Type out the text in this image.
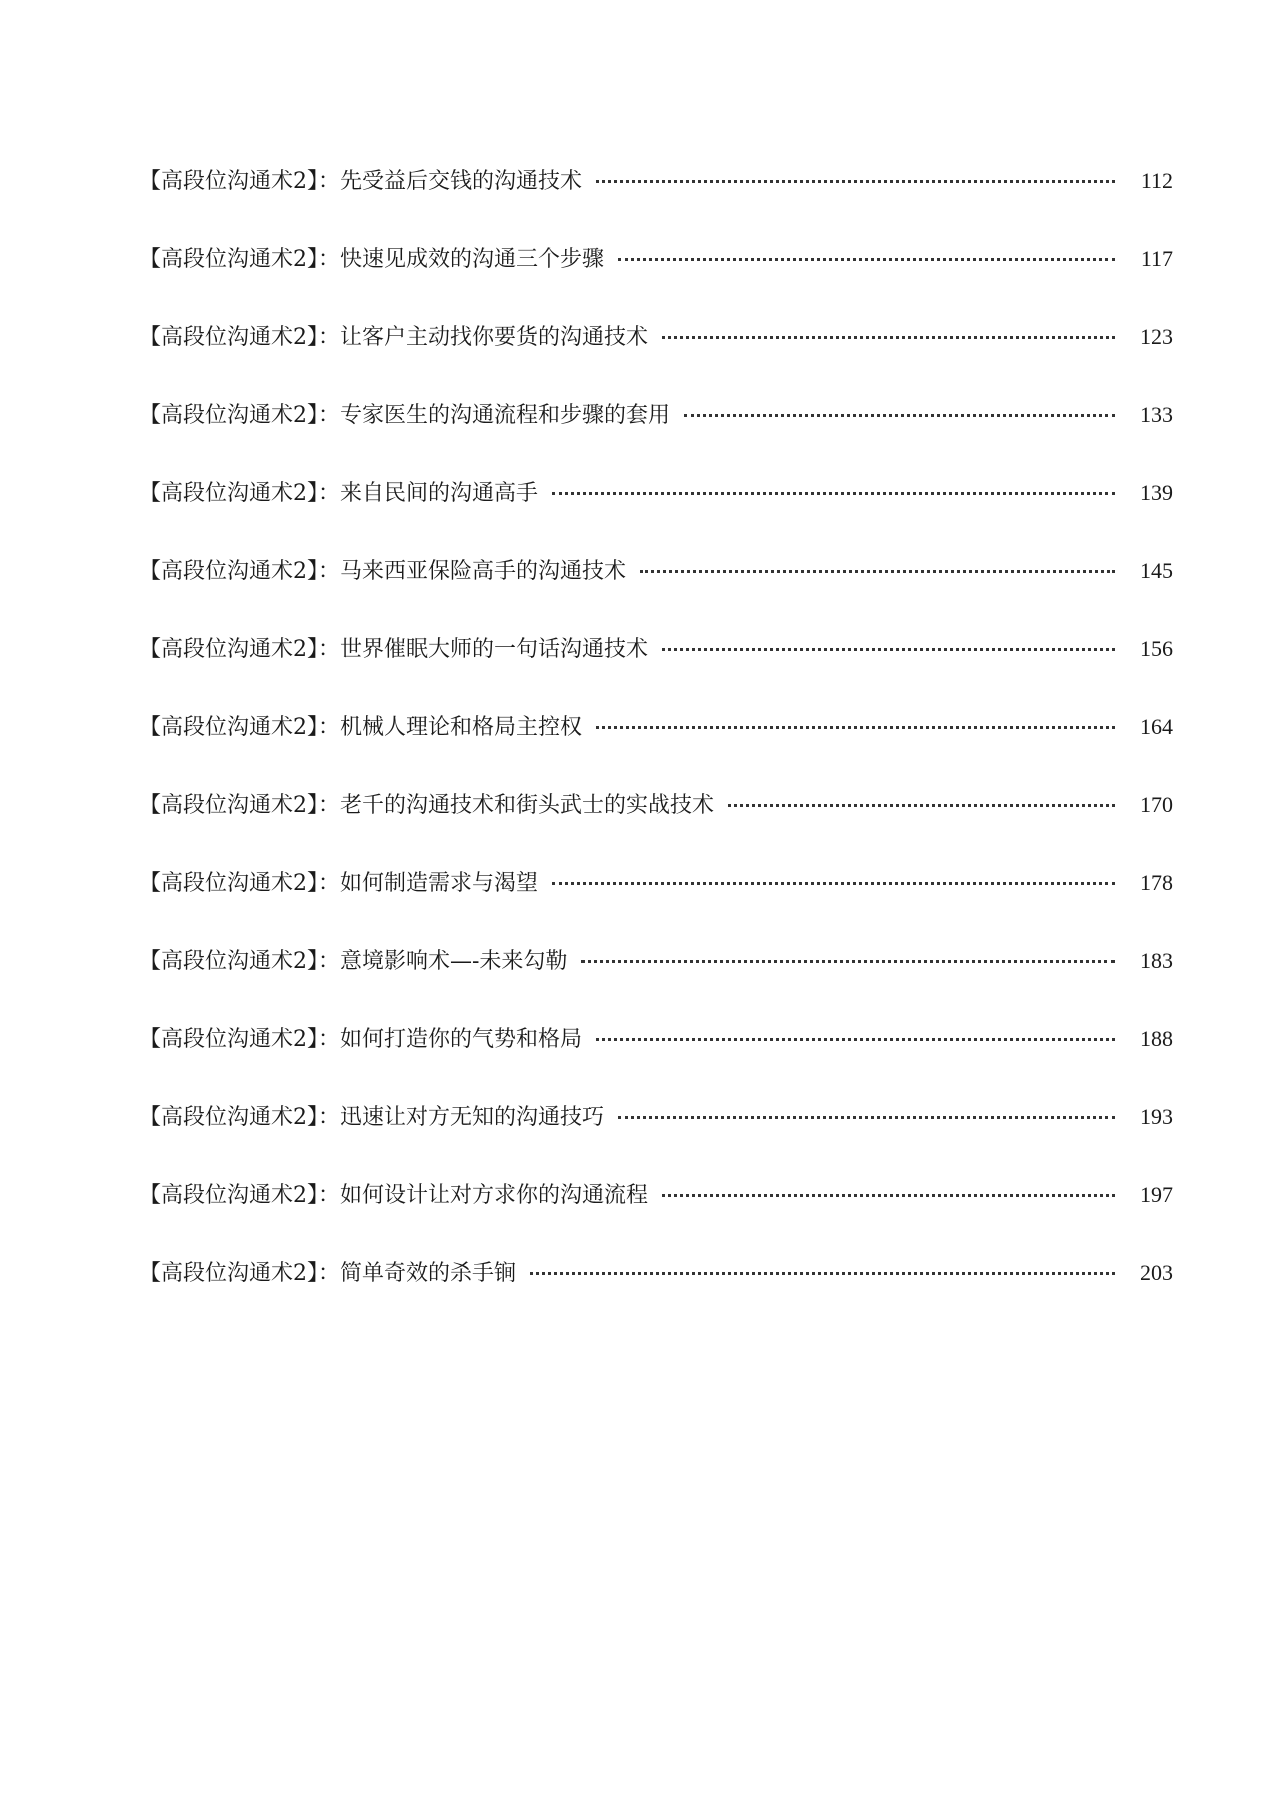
【高段位沟通术2】：先受益后交钱的沟通技术	112
【高段位沟通术2】：快速见成效的沟通三个步骤	117
【高段位沟通术2】：让客户主动找你要货的沟通技术	123
【高段位沟通术2】：专家医生的沟通流程和步骤的套用	133
【高段位沟通术2】：来自民间的沟通高手	139
【高段位沟通术2】：马来西亚保险高手的沟通技术	145
【高段位沟通术2】：世界催眠大师的一句话沟通技术	156
【高段位沟通术2】：机械人理论和格局主控权	164
【高段位沟通术2】：老千的沟通技术和街头武士的实战技术	170
【高段位沟通术2】：如何制造需求与渴望	178
【高段位沟通术2】：意境影响术—-未来勾勒	183
【高段位沟通术2】：如何打造你的气势和格局	188
【高段位沟通术2】：迅速让对方无知的沟通技巧	193
【高段位沟通术2】：如何设计让对方求你的沟通流程	197
【高段位沟通术2】：简单奇效的杀手锏	203
